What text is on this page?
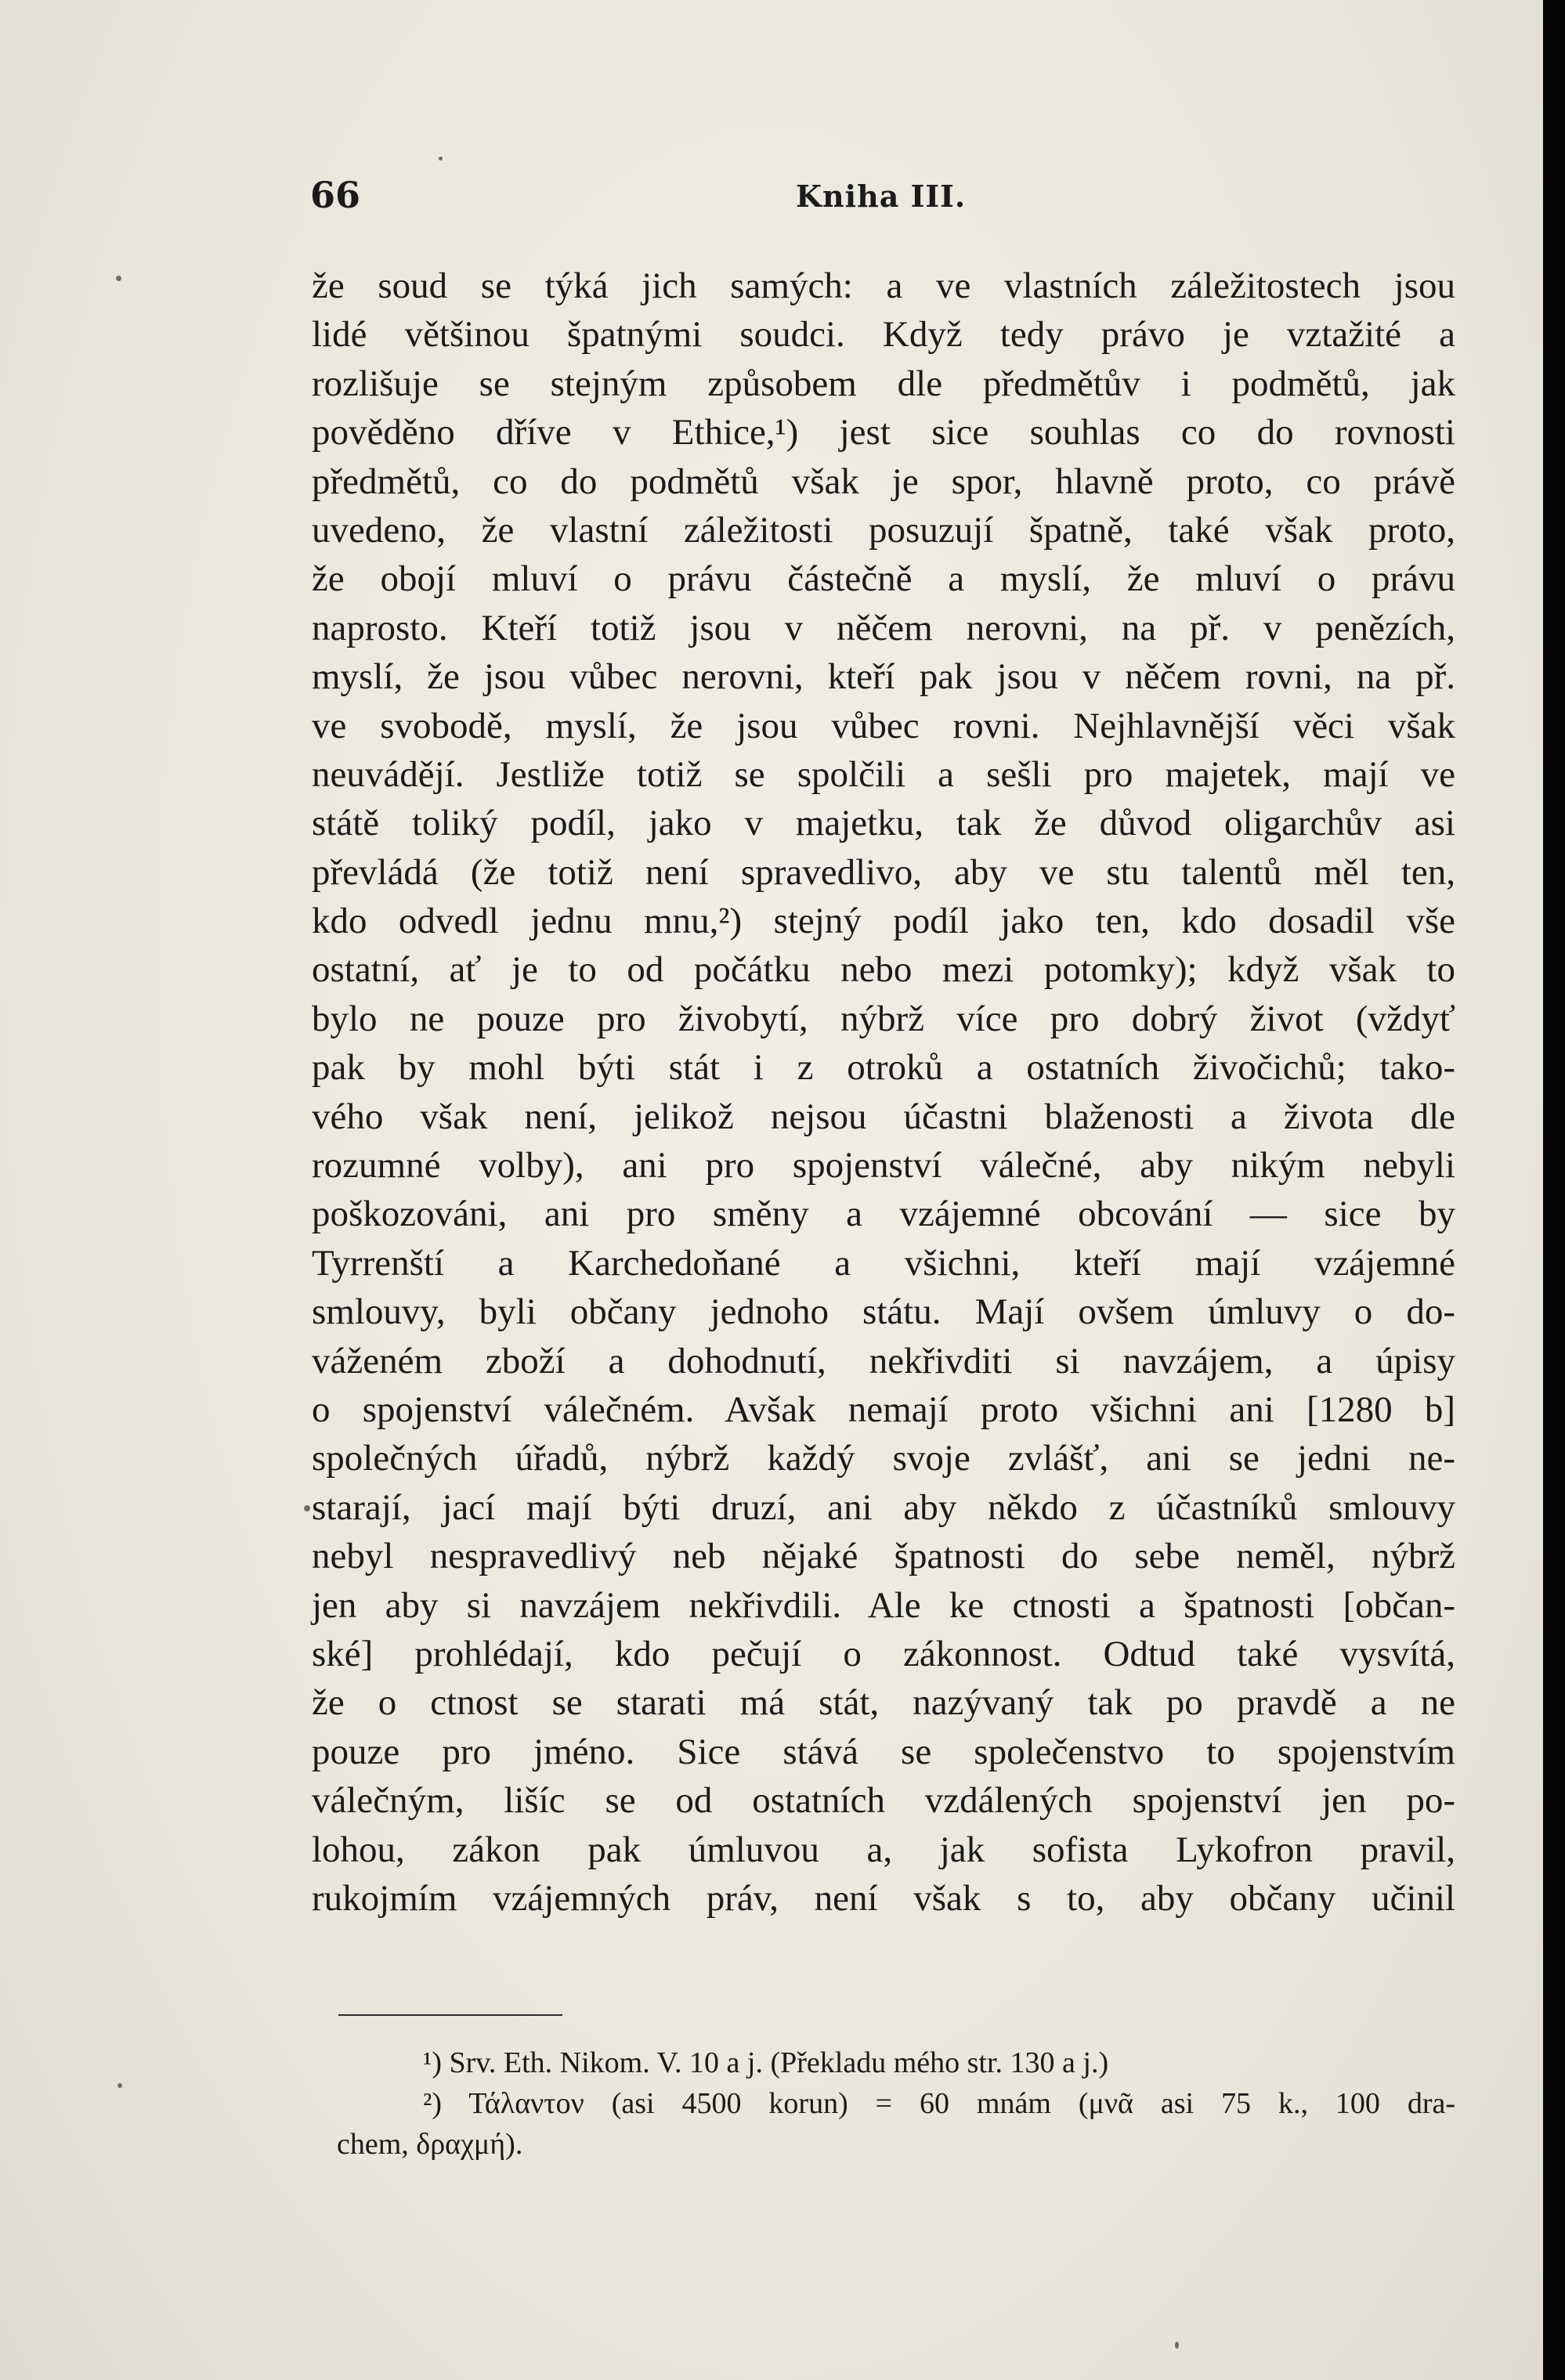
66	Kniha III.
že soud se týká jich samých: a ve vlastních záležitostech jsou
lidé většinou špatnými soudci. Když tedy právo je vztažité a
rozlišuje se stejným způsobem dle předmětův i podmětů, jak
pověděno dříve v Ethice,¹) jest sice souhlas co do rovnosti
předmětů, co do podmětů však je spor, hlavně proto, co právě
uvedeno, že vlastní záležitosti posuzují špatně, také však proto,
že obojí mluví o právu částečně a myslí, že mluví o právu
naprosto. Kteří totiž jsou v něčem nerovni, na př. v penězích,
myslí, že jsou vůbec nerovni, kteří pak jsou v něčem rovni, na př.
ve svobodě, myslí, že jsou vůbec rovni. Nejhlavnější věci však
neuvádějí. Jestliže totiž se spolčili a sešli pro majetek, mají ve
státě toliký podíl, jako v majetku, tak že důvod oligarchův asi
převládá (že totiž není spravedlivo, aby ve stu talentů měl ten,
kdo odvedl jednu mnu,²) stejný podíl jako ten, kdo dosadil vše
ostatní, ať je to od počátku nebo mezi potomky); když však to
bylo ne pouze pro živobytí, nýbrž více pro dobrý život (vždyť
pak by mohl býti stát i z otroků a ostatních živočichů; tako-
vého však není, jelikož nejsou účastni blaženosti a života dle
rozumné volby), ani pro spojenství válečné, aby nikým nebyli
poškozováni, ani pro směny a vzájemné obcování — sice by
Tyrrenští a Karchedoňané a všichni, kteří mají vzájemné
smlouvy, byli občany jednoho státu. Mají ovšem úmluvy o do-
váženém zboží a dohodnutí, nekřivditi si navzájem, a úpisy
o spojenství válečném. Avšak nemají proto všichni ani [1280 b]
společných úřadů, nýbrž každý svoje zvlášť, ani se jedni ne-
starají, jací mají býti druzí, ani aby někdo z účastníků smlouvy
nebyl nespravedlivý neb nějaké špatnosti do sebe neměl, nýbrž
jen aby si navzájem nekřivdili. Ale ke ctnosti a špatnosti [občan-
ské] prohlédají, kdo pečují o zákonnost. Odtud také vysvítá,
že o ctnost se starati má stát, nazývaný tak po pravdě a ne
pouze pro jméno. Sice stává se společenstvo to spojenstvím
válečným, lišíc se od ostatních vzdálených spojenství jen po-
lohou, zákon pak úmluvou a, jak sofista Lykofron pravil,
rukojmím vzájemných práv, není však s to, aby občany učinil
¹) Srv. Eth. Nikom. V. 10 a j. (Překladu mého str. 130 a j.)
²) Τάλαντον (asi 4500 korun) = 60 mnám (μνᾶ asi 75 k., 100 dra-
chem, δραχμή).
